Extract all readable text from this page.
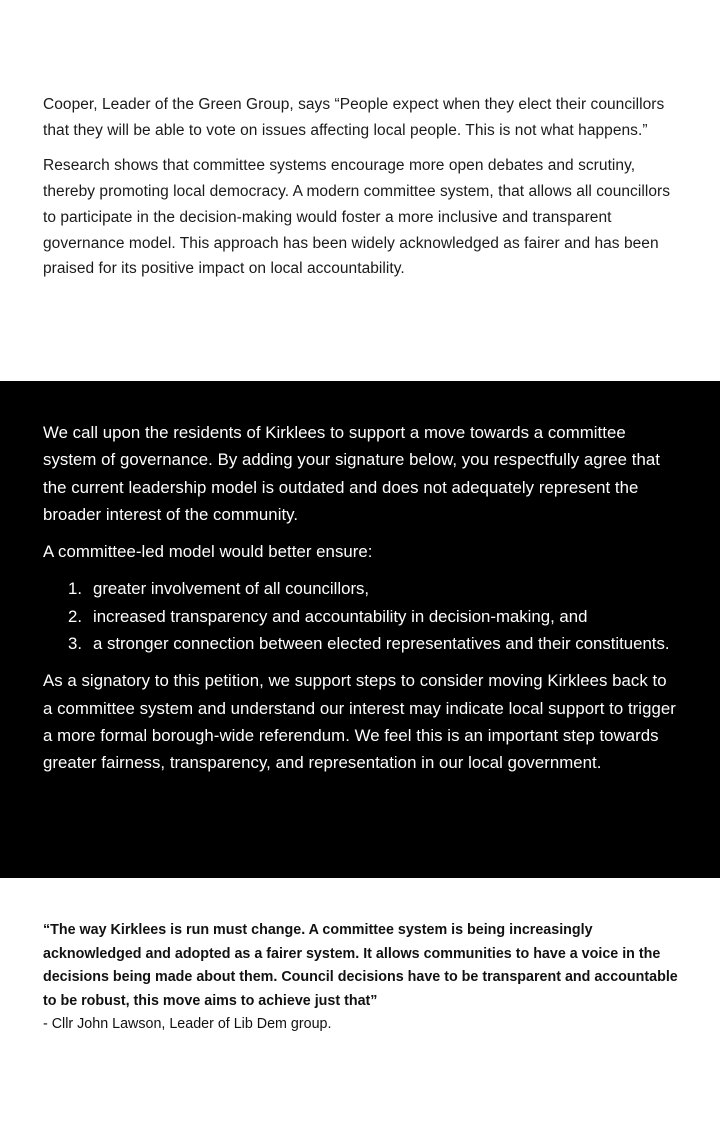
Cooper, Leader of the Green Group, says “People expect when they elect their councillors that they will be able to vote on issues affecting local people. This is not what happens.”

Research shows that committee systems encourage more open debates and scrutiny, thereby promoting local democracy. A modern committee system, that allows all councillors to participate in the decision-making would foster a more inclusive and transparent governance model. This approach has been widely acknowledged as fairer and has been praised for its positive impact on local accountability.

We call upon the residents of Kirklees to support a move towards a committee system of governance. By adding your signature below, you respectfully agree that the current leadership model is outdated and does not adequately represent the broader interest of the community.

A committee-led model would better ensure:

1. greater involvement of all councillors,
2. increased transparency and accountability in decision-making, and
3. a stronger connection between elected representatives and their constituents.

As a signatory to this petition, we support steps to consider moving Kirklees back to a committee system and understand our interest may indicate local support to trigger a more formal borough-wide referendum. We feel this is an important step towards greater fairness, transparency, and representation in our local government.

“The way Kirklees is run must change. A committee system is being increasingly acknowledged and adopted as a fairer system. It allows communities to have a voice in the decisions being made about them. Council decisions have to be transparent and accountable to be robust, this move aims to achieve just that”

- Cllr John Lawson, Leader of Lib Dem group.
